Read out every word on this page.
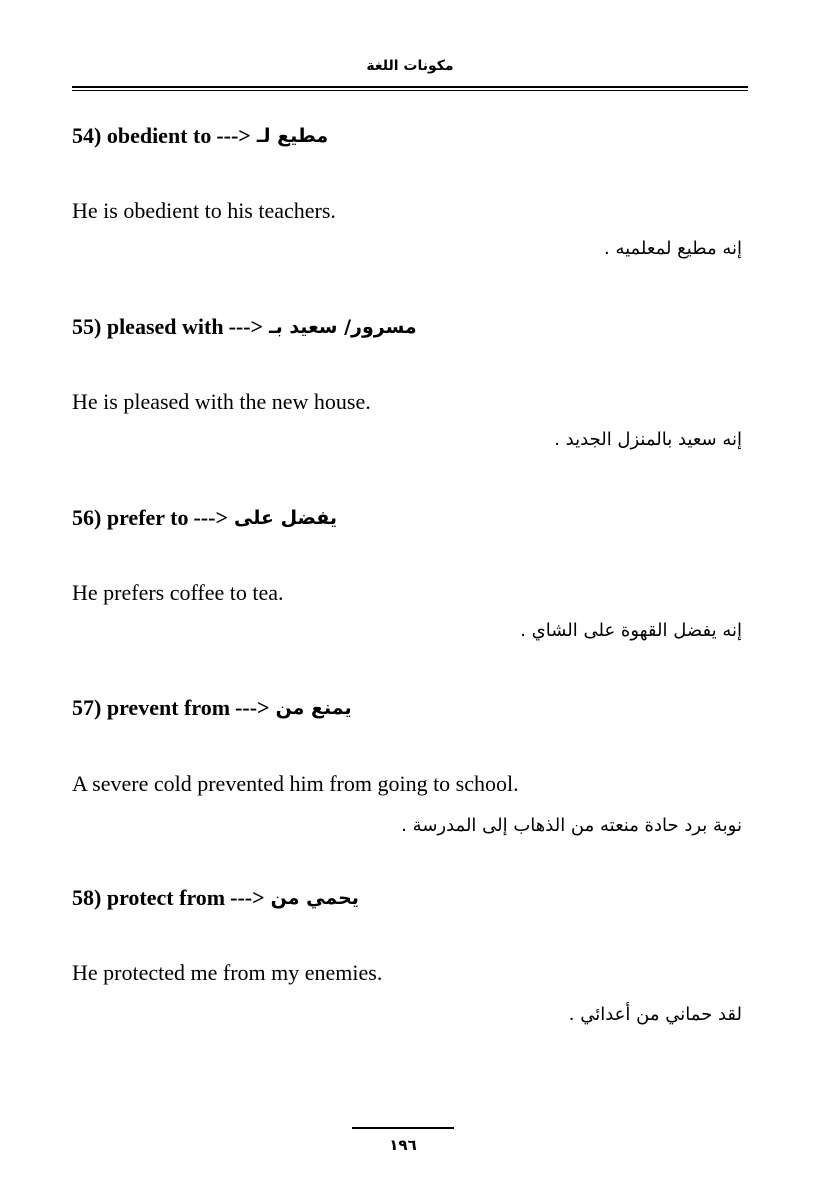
مكونات اللغة
54)
obedient to ---> مطيع لـ
He is obedient to his teachers.
إنه مطيع لمعلميه .
55)
pleased with ---> مسرور/ سعيد بـ
He is pleased with the new house.
إنه سعيد بالمنزل الجديد .
56)
prefer to ---> يفضل على
He prefers coffee to tea.
إنه يفضل القهوة على الشاي .
57)
prevent from ---> يمنع من
A severe cold prevented him from going to school.
نوبة برد حادة منعته من الذهاب إلى المدرسة .
58)
protect from ---> يحمي من
He protected me from my enemies.
لقد حماني من أعدائي .
١٩٦
